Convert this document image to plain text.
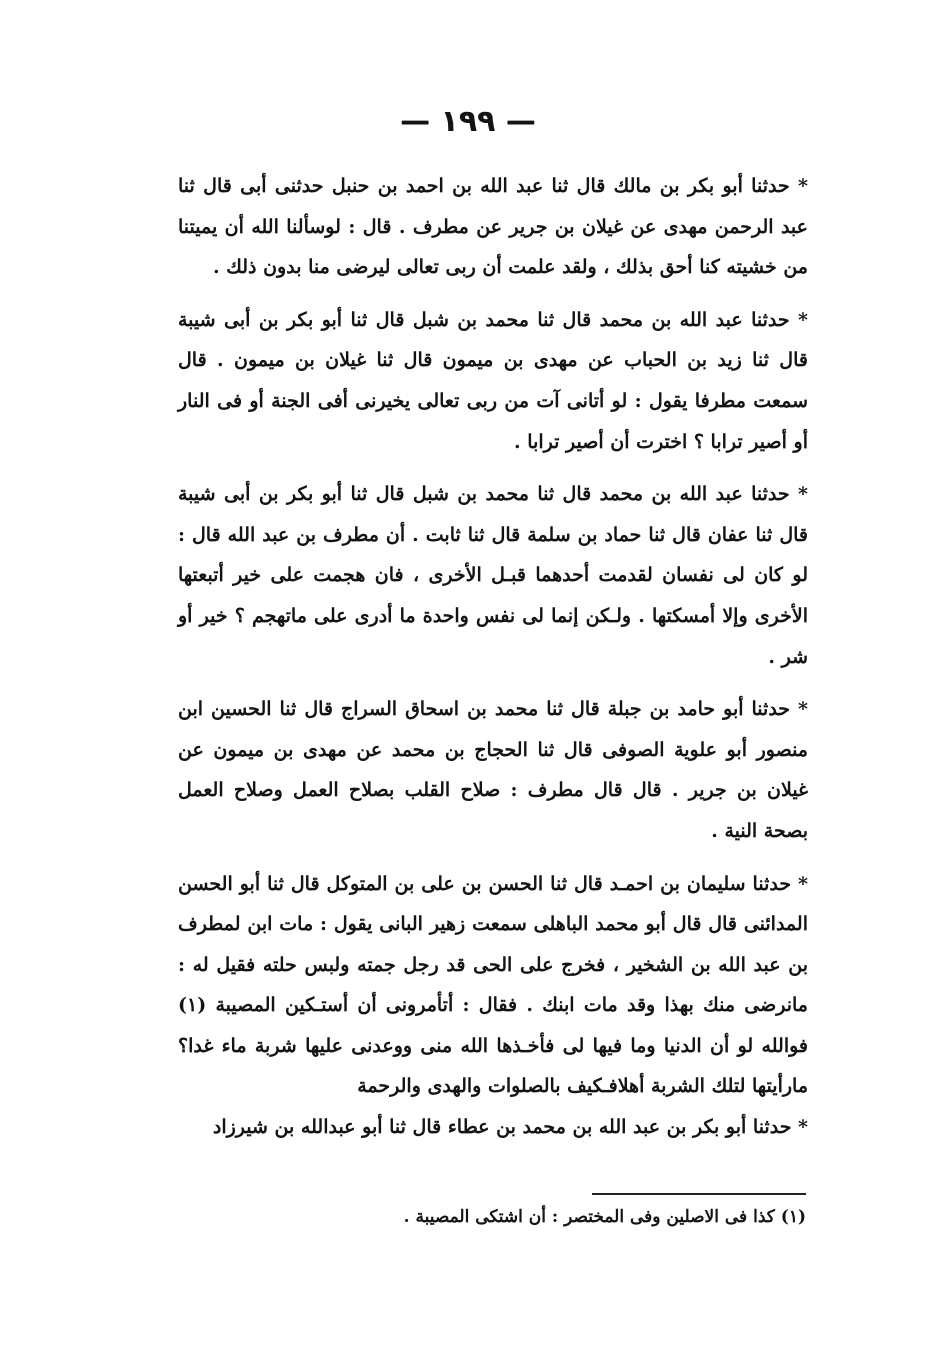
— ١٩٩ —

* حدثنا أبو بكر بن مالك قال ثنا عبد الله بن احمد بن حنبل حدثنى أبى قال ثنا عبد الرحمن مهدى عن غيلان بن جرير عن مطرف . قال : لوسألنا الله أن يميتنا من خشيته كنا أحق بذلك ، ولقد علمت أن ربى تعالى ليرضى منا بدون ذلك .

* حدثنا عبد الله بن محمد قال ثنا محمد بن شبل قال ثنا أبو بكر بن أبى شيبة قال ثنا زيد بن الحباب عن مهدى بن ميمون قال ثنا غيلان بن ميمون . قال سمعت مطرفا يقول : لو أتانى آت من ربى تعالى يخيرنى أفى الجنة أو فى النار أو أصير ترابا ؟ اخترت أن أصير ترابا .

* حدثنا عبد الله بن محمد قال ثنا محمد بن شبل قال ثنا أبو بكر بن أبى شيبة قال ثنا عفان قال ثنا حماد بن سلمة قال ثنا ثابت . أن مطرف بن عبد الله قال : لو كان لى نفسان لقدمت أحدهما قبـل الأخرى ، فان هجمت على خير أتبعتها الأخرى وإلا أمسكتها . ولـكن إنما لى نفس واحدة ما أدرى على ماتهجم ؟ خير أو شر .

* حدثنا أبو حامد بن جبلة قال ثنا محمد بن اسحاق السراج قال ثنا الحسين ابن منصور أبو علوية الصوفى قال ثنا الحجاج بن محمد عن مهدى بن ميمون عن غيلان بن جرير . قال قال مطرف : صلاح القلب بصلاح العمل وصلاح العمل بصحة النية .

* حدثنا سليمان بن احمـد قال ثنا الحسن بن على بن المتوكل قال ثنا أبو الحسن المدائنى قال قال أبو محمد الباهلى سمعت زهير البانى يقول : مات ابن لمطرف بن عبد الله بن الشخير ، فخرج على الحى قد رجل جمته ولبس حلته فقيل له : مانرضى منك بهذا وقد مات ابنك . فقال : أتأمرونى أن أستـكين المصيبة (١) فوالله لو أن الدنيا وما فيها لى فأخـذها الله منى ووعدنى عليها شربة ماء غدا؟مارأيتها لتلك الشربة أهلافـكيف بالصلوات والهدى والرحمة

* حدثنا أبو بكر بن عبد الله بن محمد بن عطاء قال ثنا أبو عبدالله بن شيرزاد

(١) كذا فى الاصلين وفى المختصر : أن اشتكى المصيبة .
